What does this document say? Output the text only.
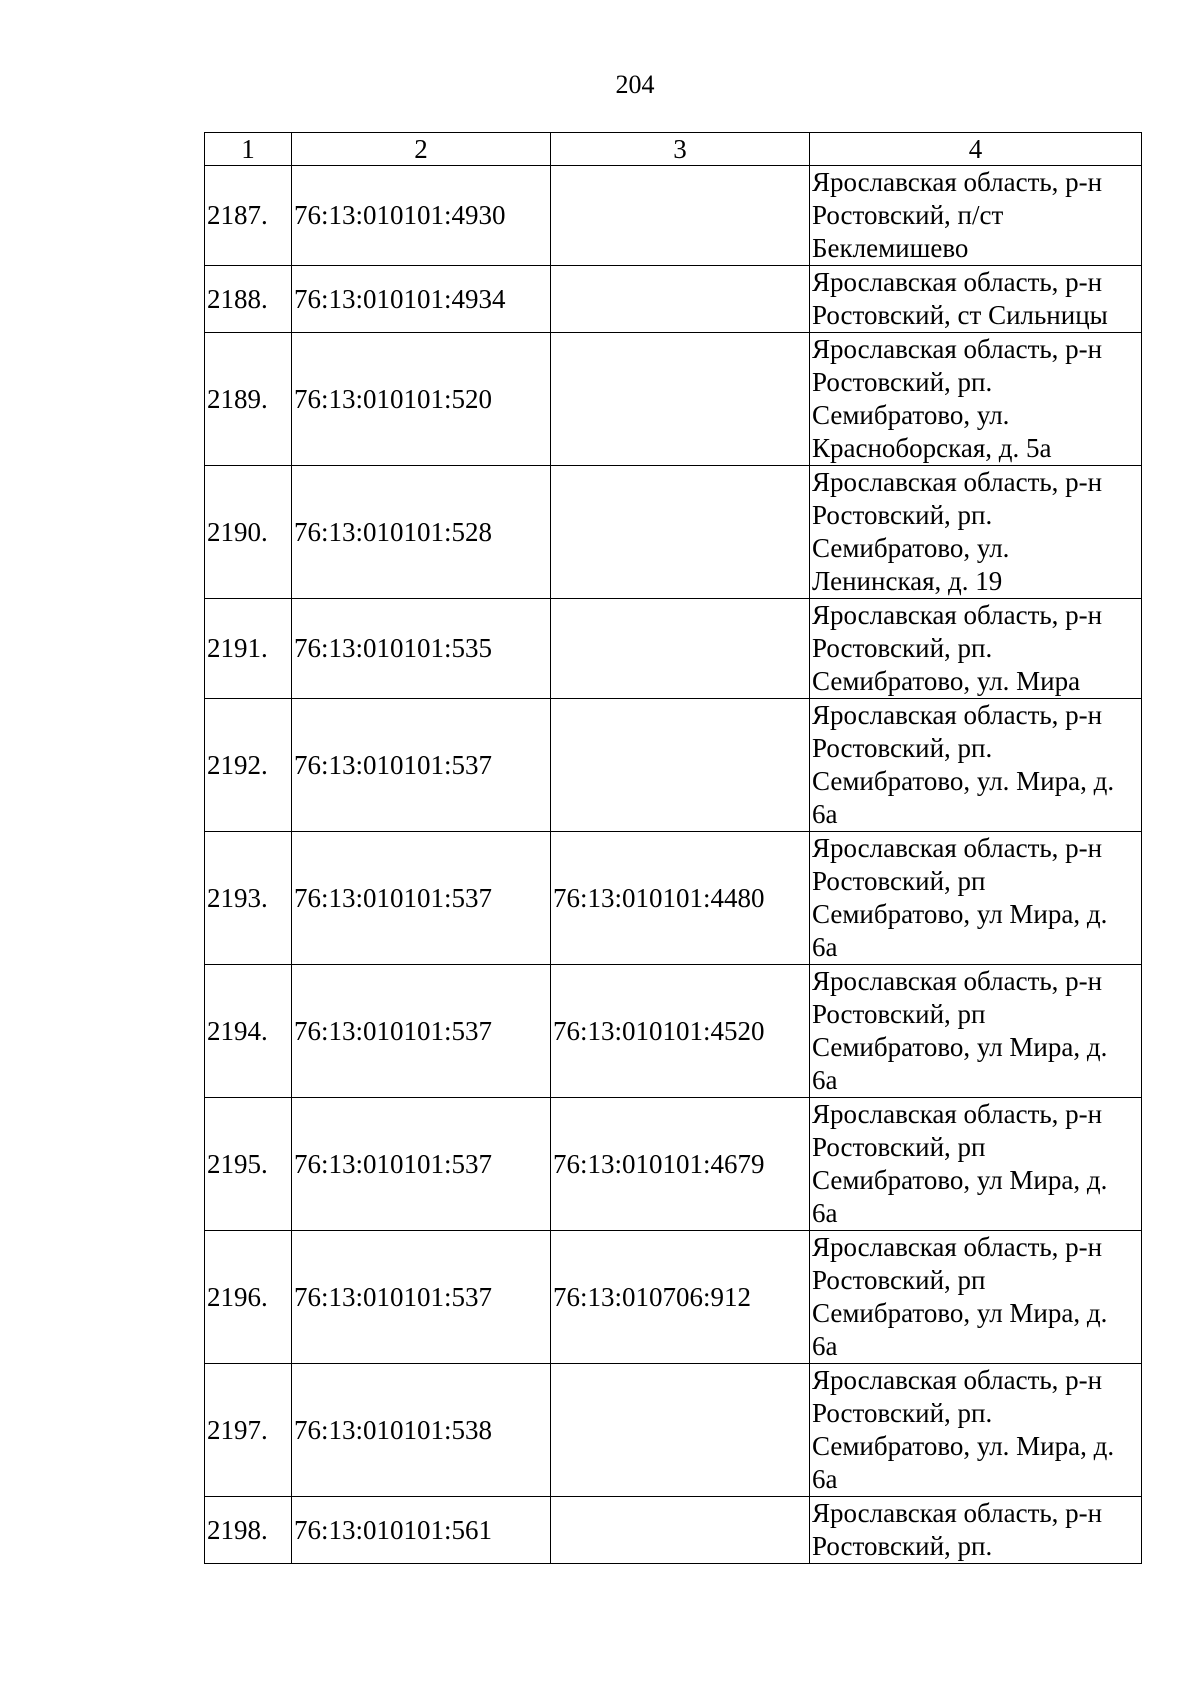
204
1	2	3	4
2187.	76:13:010101:4930		Ярославская область, р-н
Ростовский, п/ст
Беклемишево
2188.	76:13:010101:4934		Ярославская область, р-н
Ростовский, ст Сильницы
2189.	76:13:010101:520		Ярославская область, р-н
Ростовский, рп.
Семибратово, ул.
Красноборская, д. 5а
2190.	76:13:010101:528		Ярославская область, р-н
Ростовский, рп.
Семибратово, ул.
Ленинская, д. 19
2191.	76:13:010101:535		Ярославская область, р-н
Ростовский, рп.
Семибратово, ул. Мира
2192.	76:13:010101:537		Ярославская область, р-н
Ростовский, рп.
Семибратово, ул. Мира, д.
6а
2193.	76:13:010101:537	76:13:010101:4480	Ярославская область, р-н
Ростовский, рп
Семибратово, ул Мира, д.
6а
2194.	76:13:010101:537	76:13:010101:4520	Ярославская область, р-н
Ростовский, рп
Семибратово, ул Мира, д.
6а
2195.	76:13:010101:537	76:13:010101:4679	Ярославская область, р-н
Ростовский, рп
Семибратово, ул Мира, д.
6а
2196.	76:13:010101:537	76:13:010706:912	Ярославская область, р-н
Ростовский, рп
Семибратово, ул Мира, д.
6а
2197.	76:13:010101:538		Ярославская область, р-н
Ростовский, рп.
Семибратово, ул. Мира, д.
6а
2198.	76:13:010101:561		Ярославская область, р-н
Ростовский, рп.
